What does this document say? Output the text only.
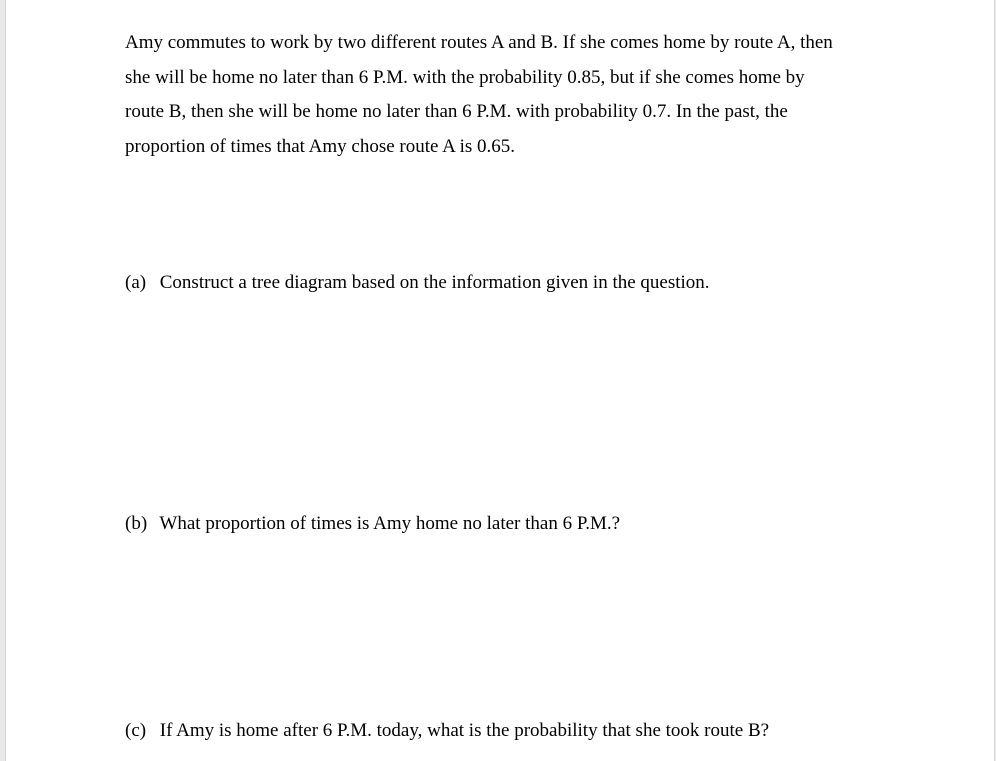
Amy commutes to work by two different routes A and B. If she comes home by route A, then
she will be home no later than 6 P.M. with the probability 0.85, but if she comes home by
route B, then she will be home no later than 6 P.M. with probability 0.7. In the past, the
proportion of times that Amy chose route A is 0.65.

(a) Construct a tree diagram based on the information given in the question.

(b) What proportion of times is Amy home no later than 6 P.M.?

(c) If Amy is home after 6 P.M. today, what is the probability that she took route B?
